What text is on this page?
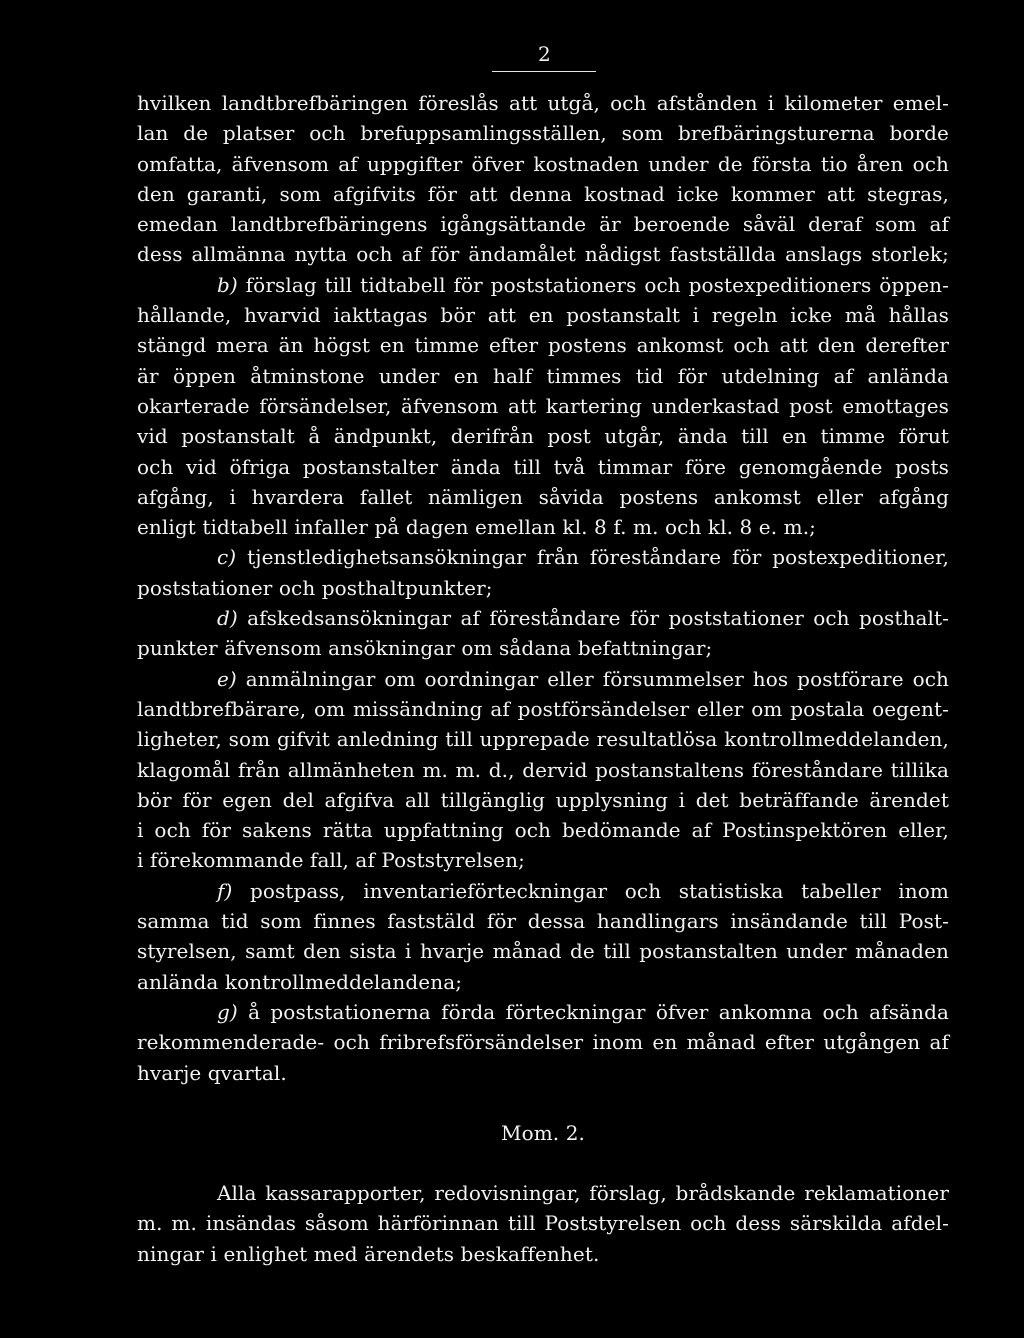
2
hvilken landtbrefbäringen föreslås att utgå, och afstånden i kilometer emel-
lan de platser och brefuppsamlingsställen, som brefbäringsturerna borde
omfatta, äfvensom af uppgifter öfver kostnaden under de första tio åren och
den garanti, som afgifvits för att denna kostnad icke kommer att stegras,
emedan landtbrefbäringens igångsättande är beroende såväl deraf som af
dess allmänna nytta och af för ändamålet nådigst fastställda anslags storlek;
b) förslag till tidtabell för poststationers och postexpeditioners öppen-
hållande, hvarvid iakttagas bör att en postanstalt i regeln icke må hållas
stängd mera än högst en timme efter postens ankomst och att den derefter
är öppen åtminstone under en half timmes tid för utdelning af anlända
okarterade försändelser, äfvensom att kartering underkastad post emottages
vid postanstalt å ändpunkt, derifrån post utgår, ända till en timme förut
och vid öfriga postanstalter ända till två timmar före genomgående posts
afgång, i hvardera fallet nämligen såvida postens ankomst eller afgång
enligt tidtabell infaller på dagen emellan kl. 8 f. m. och kl. 8 e. m.;
c) tjenstledighetsansökningar från föreståndare för postexpeditioner,
poststationer och posthaltpunkter;
d) afskedsansökningar af föreståndare för poststationer och posthalt-
punkter äfvensom ansökningar om sådana befattningar;
e) anmälningar om oordningar eller försummelser hos postförare och
landtbrefbärare, om missändning af postförsändelser eller om postala oegent-
ligheter, som gifvit anledning till upprepade resultatlösa kontrollmeddelanden,
klagomål från allmänheten m. m. d., dervid postanstaltens föreståndare tillika
bör för egen del afgifva all tillgänglig upplysning i det beträffande ärendet
i och för sakens rätta uppfattning och bedömande af Postinspektören eller,
i förekommande fall, af Poststyrelsen;
f) postpass, inventarieförteckningar och statistiska tabeller inom
samma tid som finnes faststäld för dessa handlingars insändande till Post-
styrelsen, samt den sista i hvarje månad de till postanstalten under månaden
anlända kontrollmeddelandena;
g) å poststationerna förda förteckningar öfver ankomna och afsända
rekommenderade- och fribrefsförsändelser inom en månad efter utgången af
hvarje qvartal.
Mom. 2.
Alla kassarapporter, redovisningar, förslag, brådskande reklamationer
m. m. insändas såsom härförinnan till Poststyrelsen och dess särskilda afdel-
ningar i enlighet med ärendets beskaffenhet.
